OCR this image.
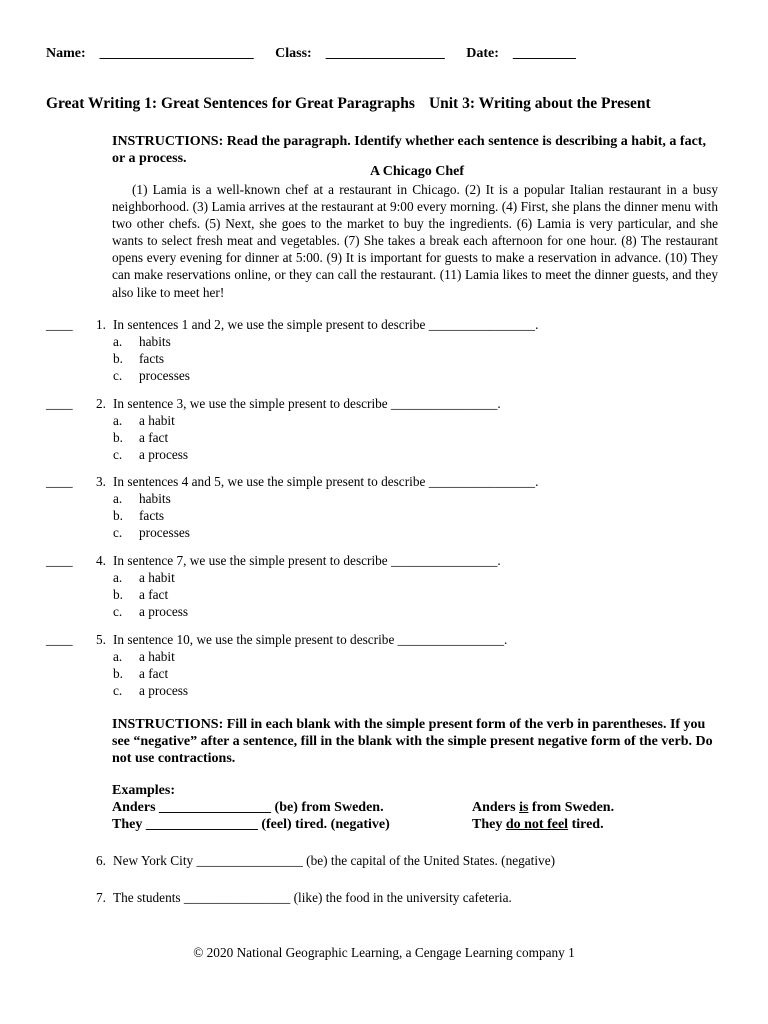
Name: ______________________ Class: _________________ Date: _________
Great Writing 1: Great Sentences for Great Paragraphs Unit 3: Writing about the Present
INSTRUCTIONS: Read the paragraph. Identify whether each sentence is describing a habit, a fact, or a process.
A Chicago Chef
(1) Lamia is a well-known chef at a restaurant in Chicago. (2) It is a popular Italian restaurant in a busy neighborhood. (3) Lamia arrives at the restaurant at 9:00 every morning. (4) First, she plans the dinner menu with two other chefs. (5) Next, she goes to the market to buy the ingredients. (6) Lamia is very particular, and she wants to select fresh meat and vegetables. (7) She takes a break each afternoon for one hour. (8) The restaurant opens every evening for dinner at 5:00. (9) It is important for guests to make a reservation in advance. (10) They can make reservations online, or they can call the restaurant. (11) Lamia likes to meet the dinner guests, and they also like to meet her!
____	1. In sentences 1 and 2, we use the simple present to describe ________________.
a. habits
b. facts
c. processes
____	2. In sentence 3, we use the simple present to describe ________________.
a. a habit
b. a fact
c. a process
____	3. In sentences 4 and 5, we use the simple present to describe ________________.
a. habits
b. facts
c. processes
____	4. In sentence 7, we use the simple present to describe ________________.
a. a habit
b. a fact
c. a process
____	5. In sentence 10, we use the simple present to describe ________________.
a. a habit
b. a fact
c. a process
INSTRUCTIONS: Fill in each blank with the simple present form of the verb in parentheses. If you see “negative” after a sentence, fill in the blank with the simple present negative form of the verb. Do not use contractions.
Examples:
Anders ________________ (be) from Sweden.	Anders is from Sweden.
They ________________ (feel) tired. (negative)	They do not feel tired.
6. New York City ________________ (be) the capital of the United States. (negative)
7. The students ________________ (like) the food in the university cafeteria.
© 2020 National Geographic Learning, a Cengage Learning company 1
